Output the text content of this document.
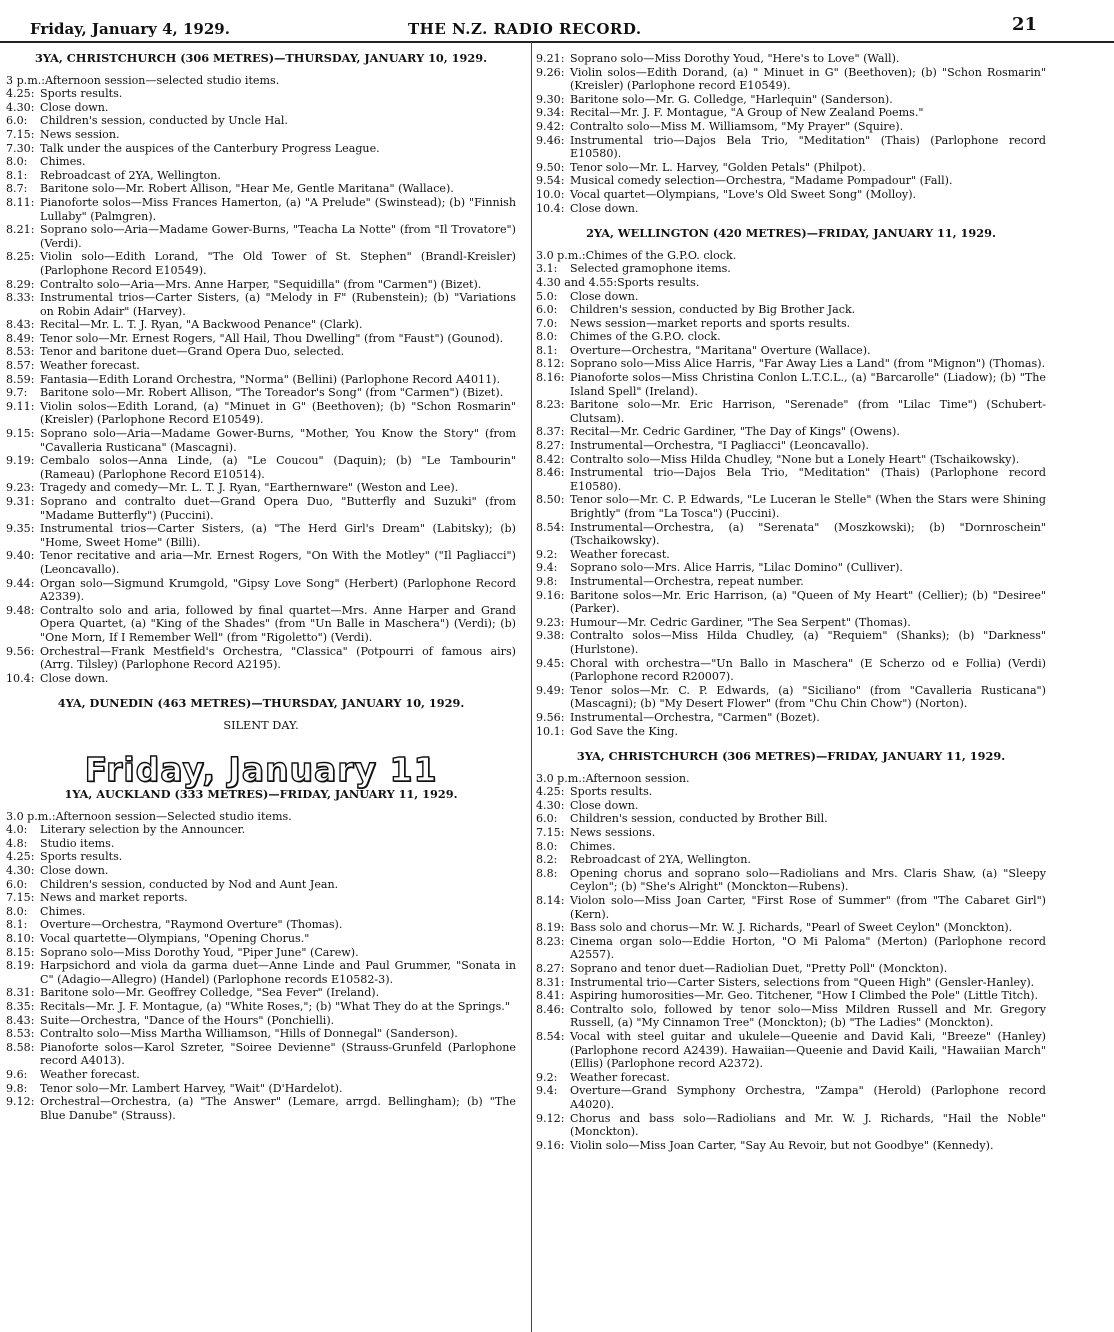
Friday, January 4, 1929.	THE N.Z. RADIO RECORD.	21
3YA, CHRISTCHURCH (306 METRES)—THURSDAY, JANUARY 10, 1929.
3 p.m.: Afternoon session—selected studio items.
4.25: Sports results.
4.30: Close down.
6.0:	Children's session, conducted by Uncle Hal.
7.15: News session.
7.30: Talk under the auspices of the Canterbury Progress League.
8.0:	Chimes.
8.1:	Rebroadcast of 2YA, Wellington.
8.7:	Baritone solo—Mr. Robert Allison, "Hear Me, Gentle Maritana" (Wallace).
8.11: Pianoforte solos—Miss Frances Hamerton, (a) "A Prelude" (Swinstead); (b) "Finnish Lullaby" (Palmgren).
8.21: Soprano solo—Aria—Madame Gower-Burns, "Teacha La Notte" (from "Il Trovatore") (Verdi).
8.25: Violin solo—Edith Lorand, "The Old Tower of St. Stephen" (Brandl-Kreisler) (Parlophone Record E10549).
8.29: Contralto solo—Aria—Mrs. Anne Harper, "Sequidilla" (from "Carmen") (Bizet).
8.33: Instrumental trios—Carter Sisters, (a) "Melody in F" (Rubenstein); (b) "Variations on Robin Adair" (Harvey).
8.43: Recital—Mr. L. T. J. Ryan, "A Backwood Penance" (Clark).
8.49: Tenor solo—Mr. Ernest Rogers, "All Hail, Thou Dwelling" (from "Faust") (Gounod).
8.53: Tenor and baritone duet—Grand Opera Duo, selected.
8.57: Weather forecast.
8.59: Fantasia—Edith Lorand Orchestra, "Norma" (Bellini) (Parlophone Record A4011).
9.7:	Baritone solo—Mr. Robert Allison, "The Toreador's Song" (from "Carmen") (Bizet).
9.11: Violin solos—Edith Lorand, (a) "Minuet in G" (Beethoven); (b) "Schon Rosmarin" (Kreisler) (Parlophone Record E10549).
9.15: Soprano solo—Aria—Madame Gower-Burns, "Mother, You Know the Story" (from "Cavalleria Rusticana" (Mascagni).
9.19: Cembalo solos—Anna Linde, (a) "Le Coucou" (Daquin); (b) "Le Tambourin" (Rameau) (Parlophone Record E10514).
9.23: Tragedy and comedy—Mr. L. T. J. Ryan, "Earthernware" (Weston and Lee).
9.31: Soprano and contralto duet—Grand Opera Duo, "Butterfly and Suzuki" (from "Madame Butterfly") (Puccini).
9.35: Instrumental trios—Carter Sisters, (a) "The Herd Girl's Dream" (Labitsky); (b) "Home, Sweet Home" (Billi).
9.40: Tenor recitative and aria—Mr. Ernest Rogers, "On With the Motley" ("Il Pagliacci") (Leoncavallo).
9.44: Organ solo—Sigmund Krumgold, "Gipsy Love Song" (Herbert) (Parlophone Record A2339).
9.48: Contralto solo and aria, followed by final quartet—Mrs. Anne Harper and Grand Opera Quartet, (a) "King of the Shades" (from "Un Balle in Maschera") (Verdi); (b) "One Morn, If I Remember Well" (from "Rigoletto") (Verdi).
9.56: Orchestral—Frank Mestfield's Orchestra, "Classica" (Potpourri of famous airs) (Arrg. Tilsley) (Parlophone Record A2195).
10.4: Close down.
4YA, DUNEDIN (463 METRES)—THURSDAY, JANUARY 10, 1929.
SILENT DAY.
Friday, January 11
1YA, AUCKLAND (333 METRES)—FRIDAY, JANUARY 11, 1929.
3.0 p.m.: Afternoon session—Selected studio items.
4.0:	Literary selection by the Announcer.
4.8:	Studio items.
4.25: Sports results.
4.30: Close down.
6.0:	Children's session, conducted by Nod and Aunt Jean.
7.15: News and market reports.
8.0:	Chimes.
8.1:	Overture—Orchestra, "Raymond Overture" (Thomas).
8.10: Vocal quartette—Olympians, "Opening Chorus."
8.15: Soprano solo—Miss Dorothy Youd, "Piper June" (Carew).
8.19: Harpsichord and viola da garma duet—Anne Linde and Paul Grummer, "Sonata in C" (Adagio—Allegro) (Handel) (Parlophone records E10582-3).
8.31: Baritone solo—Mr. Geoffrey Colledge, "Sea Fever" (Ireland).
8.35: Recitals—Mr. J. F. Montague, (a) "White Roses,"; (b) "What They do at the Springs."
8.43: Suite—Orchestra, "Dance of the Hours" (Ponchielli).
8.53: Contralto solo—Miss Martha Williamson, "Hills of Donnegal" (Sanderson).
8.58: Pianoforte solos—Karol Szreter, "Soiree Devienne" (Strauss-Grunfeld (Parlophone record A4013).
9.6:	Weather forecast.
9.8:	Tenor solo—Mr. Lambert Harvey, "Wait" (D'Hardelot).
9.12: Orchestral—Orchestra, (a) "The Answer" (Lemare, arrgd. Bellingham); (b) "The Blue Danube" (Strauss).
9.21: Soprano solo—Miss Dorothy Youd, "Here's to Love" (Wall).
9.26: Violin solos—Edith Dorand, (a) " Minuet in G" (Beethoven); (b) "Schon Rosmarin" (Kreisler) (Parlophone record E10549).
9.30: Baritone solo—Mr. G. Colledge, "Harlequin" (Sanderson).
9.34: Recital—Mr. J. F. Montague, "A Group of New Zealand Poems."
9.42: Contralto solo—Miss M. Williamsom, "My Prayer" (Squire).
9.46: Instrumental trio—Dajos Bela Trio, "Meditation" (Thais) (Parlophone record E10580).
9.50: Tenor solo—Mr. L. Harvey, "Golden Petals" (Philpot).
9.54: Musical comedy selection—Orchestra, "Madame Pompadour" (Fall).
10.0: Vocal quartet—Olympians, "Love's Old Sweet Song" (Molloy).
10.4: Close down.
2YA, WELLINGTON (420 METRES)—FRIDAY, JANUARY 11, 1929.
3.0 p.m.: Chimes of the G.P.O. clock.
3.1:	Selected gramophone items.
4.30 and 4.55: Sports results.
5.0:	Close down.
6.0:	Children's session, conducted by Big Brother Jack.
7.0:	News session—market reports and sports results.
8.0:	Chimes of the G.P.O. clock.
8.1:	Overture—Orchestra, "Maritana" Overture (Wallace).
8.12: Soprano solo—Miss Alice Harris, "Far Away Lies a Land" (from "Mignon") (Thomas).
8.16: Pianoforte solos—Miss Christina Conlon L.T.C.L., (a) "Barcarolle" (Liadow); (b) "The Island Spell" (Ireland).
8.23: Baritone solo—Mr. Eric Harrison, "Serenade" (from "Lilac Time") (Schubert-Clutsam).
8.37: Recital—Mr. Cedric Gardiner, "The Day of Kings" (Owens).
8.27: Instrumental—Orchestra, "I Pagliacci" (Leoncavallo).
8.42: Contralto solo—Miss Hilda Chudley, "None but a Lonely Heart" (Tschaikowsky).
8.46: Instrumental trio—Dajos Bela Trio, "Meditation" (Thais) (Parlophone record E10580).
8.50: Tenor solo—Mr. C. P. Edwards, "Le Luceran le Stelle" (When the Stars were Shining Brightly" (from "La Tosca") (Puccini).
8.54: Instrumental—Orchestra, (a) "Serenata" (Moszkowski); (b) "Dornroschein" (Tschaikowsky).
9.2:	Weather forecast.
9.4:	Soprano solo—Mrs. Alice Harris, "Lilac Domino" (Culliver).
9.8:	Instrumental—Orchestra, repeat number.
9.16: Baritone solos—Mr. Eric Harrison, (a) "Queen of My Heart" (Cellier); (b) "Desiree" (Parker).
9.23: Humour—Mr. Cedric Gardiner, "The Sea Serpent" (Thomas).
9.38: Contralto solos—Miss Hilda Chudley, (a) "Requiem" (Shanks); (b) "Darkness" (Hurlstone).
9.45: Choral with orchestra—"Un Ballo in Maschera" (E Scherzo od e Follia) (Verdi) (Parlophone record R20007).
9.49: Tenor solos—Mr. C. P. Edwards, (a) "Siciliano" (from "Cavalleria Rusticana") (Mascagni); (b) "My Desert Flower" (from "Chu Chin Chow") (Norton).
9.56: Instrumental—Orchestra, "Carmen" (Bozet).
10.1: God Save the King.
3YA, CHRISTCHURCH (306 METRES)—FRIDAY, JANUARY 11, 1929.
3.0 p.m.: Afternoon session.
4.25: Sports results.
4.30: Close down.
6.0:	Children's session, conducted by Brother Bill.
7.15: News sessions.
8.0:	Chimes.
8.2:	Rebroadcast of 2YA, Wellington.
8.8:	Opening chorus and soprano solo—Radiolians and Mrs. Claris Shaw, (a) "Sleepy Ceylon"; (b) "She's Alright" (Monckton—Rubens).
8.14: Violon solo—Miss Joan Carter, "First Rose of Summer" (from "The Cabaret Girl") (Kern).
8.19: Bass solo and chorus—Mr. W. J. Richards, "Pearl of Sweet Ceylon" (Monckton).
8.23: Cinema organ solo—Eddie Horton, "O Mi Paloma" (Merton) (Parlophone record A2557).
8.27: Soprano and tenor duet—Radiolian Duet, "Pretty Poll" (Monckton).
8.31: Instrumental trio—Carter Sisters, selections from "Queen High" (Gensler-Hanley).
8.41: Aspiring humorosities—Mr. Geo. Titchener, "How I Climbed the Pole" (Little Titch).
8.46: Contralto solo, followed by tenor solo—Miss Mildren Russell and Mr. Gregory Russell, (a) "My Cinnamon Tree" (Monckton); (b) "The Ladies" (Monckton).
8.54: Vocal with steel guitar and ukulele—Queenie and David Kali, "Breeze" (Hanley) (Parlophone record A2439). Hawaiian—Queenie and David Kaili, "Hawaiian March" (Ellis) (Parlophone record A2372).
9.2:	Weather forecast.
9.4:	Overture—Grand Symphony Orchestra, "Zampa" (Herold) (Parlophone record A4020).
9.12: Chorus and bass solo—Radiolians and Mr. W. J. Richards, "Hail the Noble" (Monckton).
9.16: Violin solo—Miss Joan Carter, "Say Au Revoir, but not Goodbye" (Kennedy).
